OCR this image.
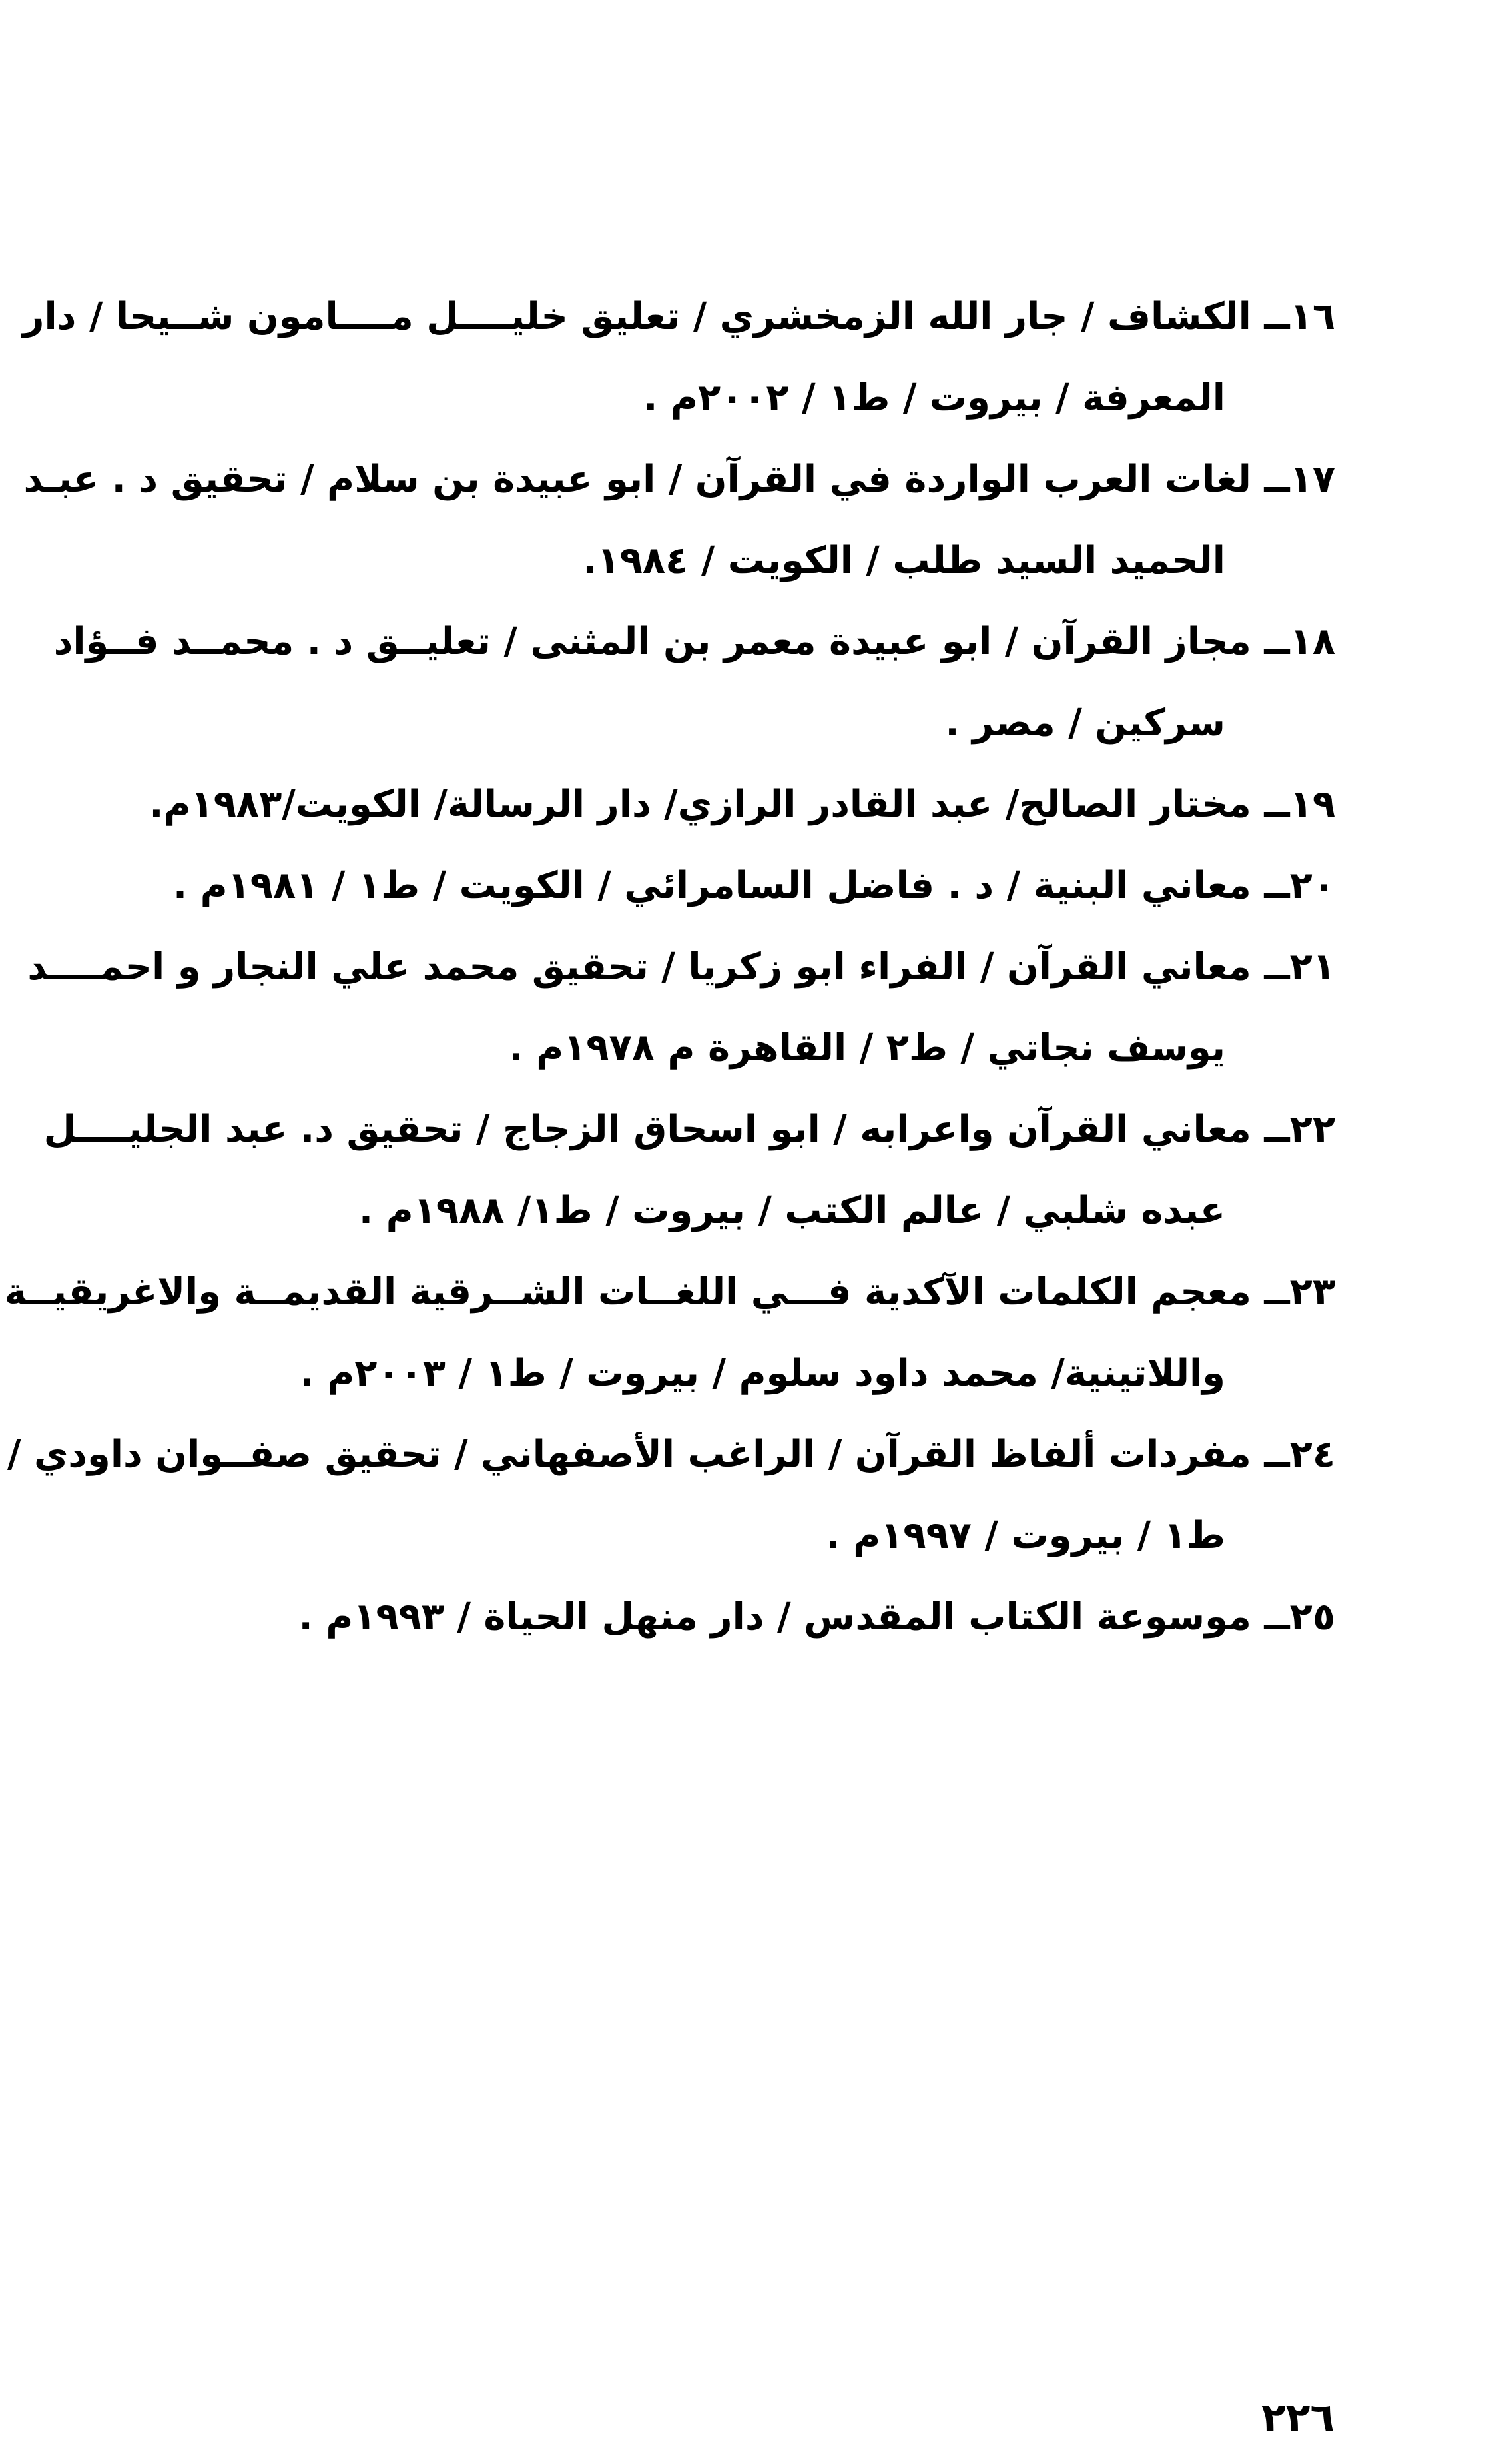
١٦ــ الكشاف / جار الله الزمخشري / تعليق خليــــل مــــامون شــيحا / دار
المعرفة / بيروت / ط١ / ٢٠٠٢م .
١٧ــ لغات العرب الواردة في القرآن / ابو عبيدة بن سلام / تحقيق د . عبـد
الحميد السيد طلب / الكويت / ١٩٨٤.
١٨ــ مجاز القرآن / ابو عبيدة معمر بن المثنى / تعليــق د . محمــد فــؤاد
سركين / مصر .
١٩ــ مختار الصالح/ عبد القادر الرازي/ دار الرسالة/ الكويت/١٩٨٣م.
٢٠ــ معاني البنية / د . فاضل السامرائي / الكويت / ط١ / ١٩٨١م .
٢١ــ معاني القرآن / الفراء ابو زكريا / تحقيق محمد علي النجار و احمــــد
يوسف نجاتي / ط٢ / القاهرة م ١٩٧٨م .
٢٢ــ معاني القرآن واعرابه / ابو اسحاق الزجاج / تحقيق د. عبد الجليــــل
عبده شلبي / عالم الكتب / بيروت / ط١/ ١٩٨٨م .
٢٣ــ معجم الكلمات الآكدية فـــي اللغــات الشــرقية القديمــة والاغريقيــة
واللاتينية/ محمد داود سلوم / بيروت / ط١ / ٢٠٠٣م .
٢٤ــ مفردات ألفاظ القرآن / الراغب الأصفهاني / تحقيق صفــوان داودي /
ط١ / بيروت / ١٩٩٧م .
٢٥ــ موسوعة الكتاب المقدس / دار منهل الحياة / ١٩٩٣م .
٢٢٦
